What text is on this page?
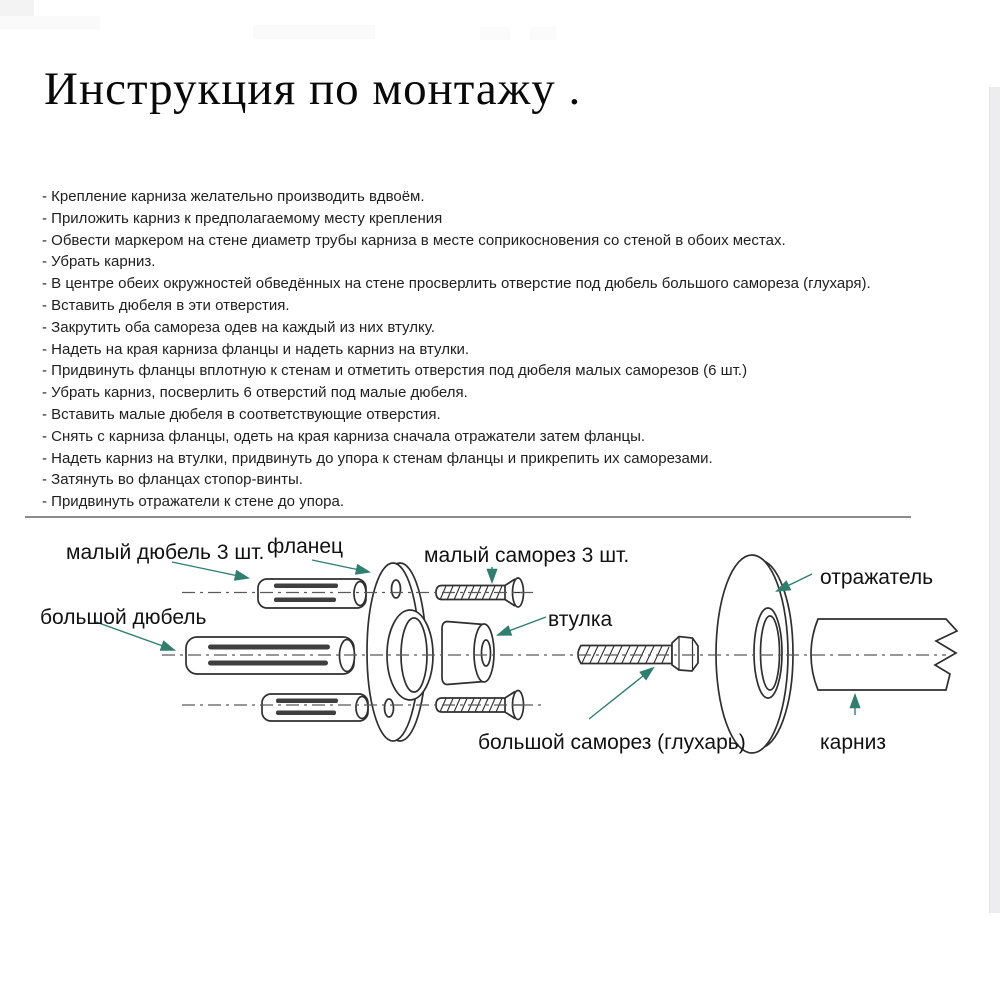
Инструкция по монтажу .
- Крепление карниза желательно производить вдвоём.
- Приложить карниз к предполагаемому месту крепления
- Обвести маркером на стене диаметр трубы карниза в месте соприкосновения со стеной в обоих местах.
- Убрать карниз.
- В центре обеих окружностей обведённых на стене просверлить отверстие под дюбель большого самореза (глухаря).
- Вставить дюбеля в эти отверстия.
- Закрутить оба самореза одев на каждый из них втулку.
- Надеть на края карниза фланцы и надеть карниз на втулки.
- Придвинуть фланцы вплотную к стенам и отметить отверстия под дюбеля малых саморезов (6 шт.)
- Убрать карниз, посверлить 6 отверстий под малые дюбеля.
- Вставить малые дюбеля в соответствующие отверстия.
- Снять с карниза фланцы, одеть на края карниза сначала отражатели затем фланцы.
- Надеть карниз на втулки, придвинуть до упора к стенам фланцы и прикрепить их саморезами.
- Затянуть во фланцах стопор-винты.
- Придвинуть отражатели к стене до упора.
малый дюбель 3 шт. фланец	малый саморез 3 шт.
большой дюбель	втулка
отражатель
большой саморез (глухарь)	карниз
